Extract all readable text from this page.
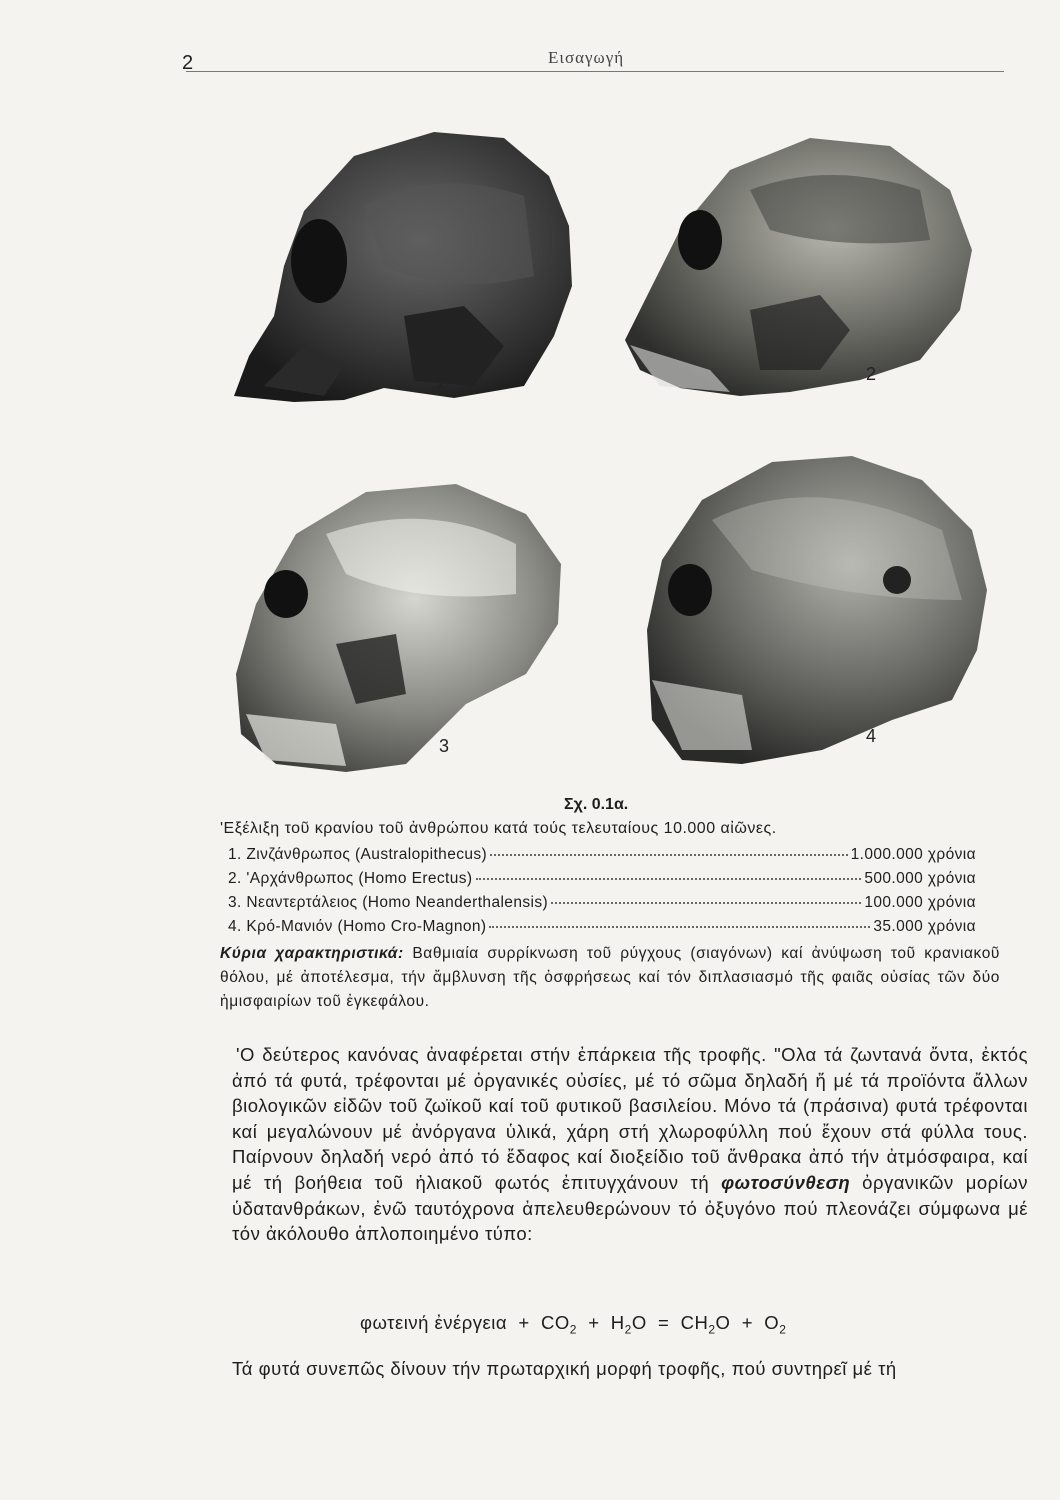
2	Εισαγωγή
1	2
3	4
Σχ. 0.1α.
'Εξέλιξη τοῦ κρανίου τοῦ ἀνθρώπου κατά τούς τελευταίους 10.000 αἰῶνες.
1. Ζινζάνθρωπος (Australopithecus)	1.000.000 χρόνια
2. 'Αρχάνθρωπος (Homo Erectus)	500.000 χρόνια
3. Νεαντερτάλειος (Homo Neanderthalensis)	100.000 χρόνια
4. Κρό-Μανιόν (Homo Cro-Magnon)	35.000 χρόνια
Κύρια χαρακτηριστικά: Βαθμιαία συρρίκνωση τοῦ ρύγχους (σιαγόνων) καί ἀνύψωση τοῦ κρανιακοῦ θόλου, μέ ἀποτέλεσμα, τήν ἄμβλυνση τῆς ὀσφρήσεως καί τόν διπλασιασμό τῆς φαιᾶς οὐσίας τῶν δύο ἡμισφαιρίων τοῦ ἐγκεφάλου.

'Ο δεύτερος κανόνας ἀναφέρεται στήν ἐπάρκεια τῆς τροφῆς. "Ολα τά ζωντανά ὄντα, ἐκτός ἀπό τά φυτά, τρέφονται μέ ὀργανικές οὐσίες, μέ τό σῶμα δηλαδή ἤ μέ τά προϊόντα ἄλλων βιολογικῶν εἰδῶν τοῦ ζωϊκοῦ καί τοῦ φυτικοῦ βασιλείου. Μόνο τά (πράσινα) φυτά τρέφονται καί μεγαλώνουν μέ ἀνόργανα ὑλικά, χάρη στή χλωροφύλλη πού ἔχουν στά φύλλα τους. Παίρνουν δηλαδή νερό ἀπό τό ἔδαφος καί διοξείδιο τοῦ ἄνθρακα ἀπό τήν ἀτμόσφαιρα, καί μέ τή βοήθεια τοῦ ἡλιακοῦ φωτός ἐπιτυγχάνουν τή φωτοσύνθεση ὀργανικῶν μορίων ὑδατανθράκων, ἐνῶ ταυτόχρονα ἀπελευθερώνουν τό ὀξυγόνο πού πλεονάζει σύμφωνα μέ τόν ἀκόλουθο ἁπλοποιημένο τύπο:

φωτεινή ἐνέργεια + $CO_2 + H_2O = CH_2O + O_2$
Τά φυτά συνεπῶς δίνουν τήν πρωταρχική μορφή τροφῆς, πού συντηρεῖ μέ τή
